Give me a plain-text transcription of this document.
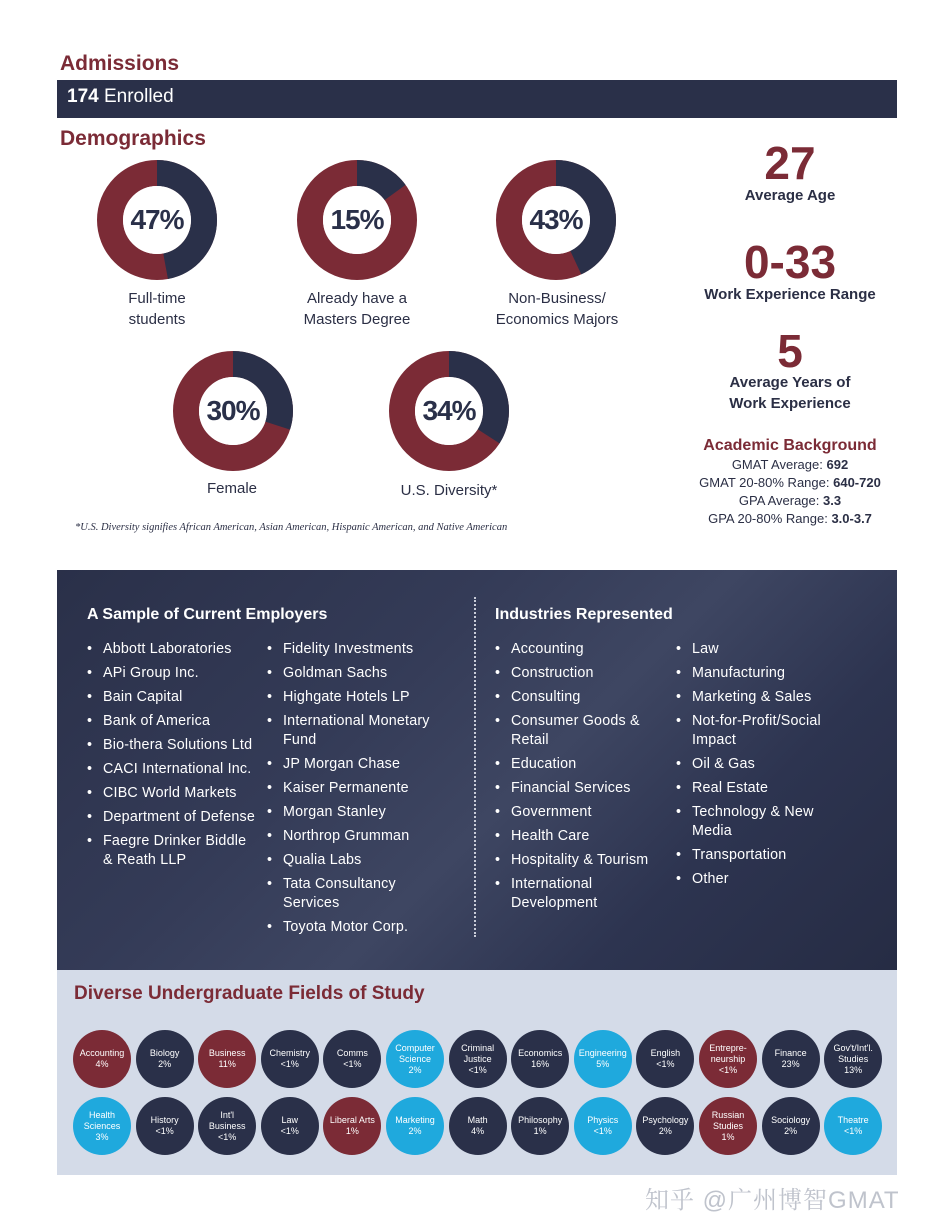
Admissions
174 Enrolled
Demographics
47%
Full-time
students
15%
Already have a
Masters Degree
43%
Non-Business/
Economics Majors
30%
Female
34%
U.S. Diversity*
27
Average Age
0-33
Work Experience Range
5
Average Years of
Work Experience
Academic Background
GMAT Average: 692
GMAT 20-80% Range: 640-720
GPA Average: 3.3
GPA 20-80% Range: 3.0-3.7
*U.S. Diversity signifies African American, Asian American, Hispanic American, and Native American
A Sample of Current Employers	Industries Represented
• Abbott Laboratories
• APi Group Inc.
• Bain Capital
• Bank of America
• Bio-thera Solutions Ltd
• CACI International Inc.
• CIBC World Markets
• Department of Defense
• Faegre Drinker Biddle & Reath LLP
• Fidelity Investments
• Goldman Sachs
• Highgate Hotels LP
• International Monetary Fund
• JP Morgan Chase
• Kaiser Permanente
• Morgan Stanley
• Northrop Grumman
• Qualia Labs
• Tata Consultancy Services
• Toyota Motor Corp.
• Accounting
• Construction
• Consulting
• Consumer Goods & Retail
• Education
• Financial Services
• Government
• Health Care
• Hospitality & Tourism
• International Development
• Law
• Manufacturing
• Marketing & Sales
• Not-for-Profit/Social Impact
• Oil & Gas
• Real Estate
• Technology & New Media
• Transportation
• Other
Diverse Undergraduate Fields of Study
Accounting
4%
Biology
2%
Business
11%
Chemistry
<1%
Comms
<1%
Computer
Science
2%
Criminal
Justice
<1%
Economics
16%
Engineering
5%
English
<1%
Entrepre-
neurship
<1%
Finance
23%
Gov't/Int'l.
Studies
13%
Health
Sciences
3%
History
<1%
Int'l
Business
<1%
Law
<1%
Liberal Arts
1%
Marketing
2%
Math
4%
Philosophy
1%
Physics
<1%
Psychology
2%
Russian
Studies
1%
Sociology
2%
Theatre
<1%
知乎 @广州博智GMAT
